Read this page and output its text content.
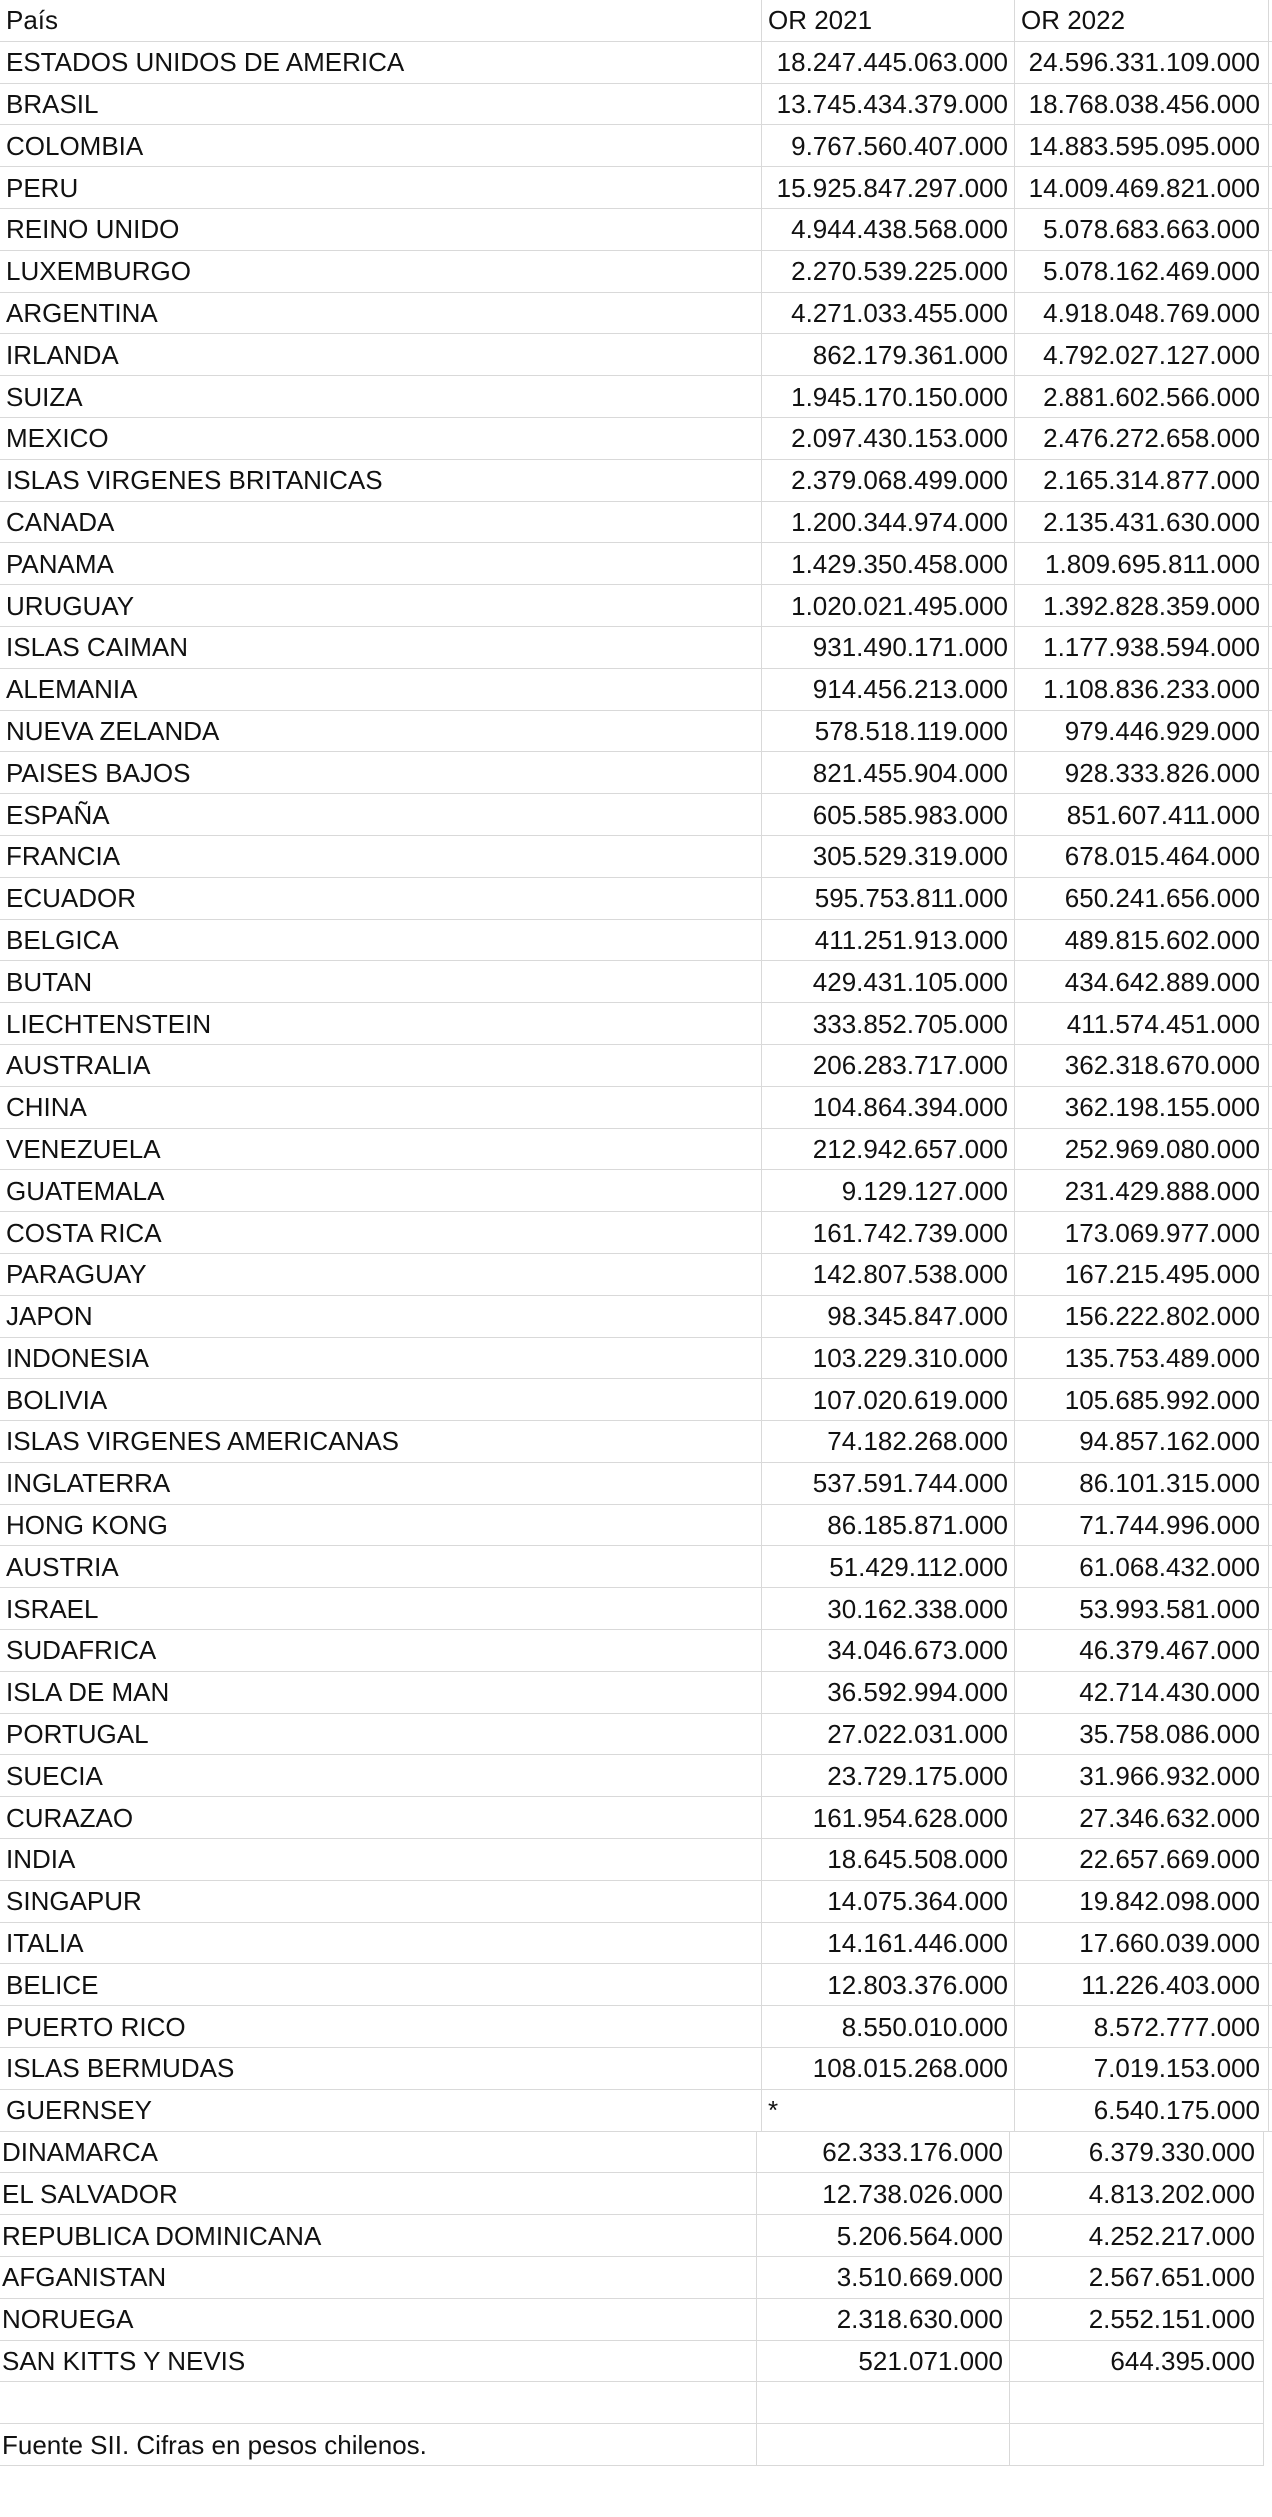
País	OR 2021	OR 2022
ESTADOS UNIDOS DE AMERICA	18.247.445.063.000 24.596.331.109.000
BRASIL	13.745.434.379.000 18.768.038.456.000
COLOMBIA	9.767.560.407.000 14.883.595.095.000
PERU	15.925.847.297.000 14.009.469.821.000
REINO UNIDO	4.944.438.568.000	5.078.683.663.000
LUXEMBURGO	2.270.539.225.000	5.078.162.469.000
ARGENTINA	4.271.033.455.000	4.918.048.769.000
IRLANDA	862.179.361.000	4.792.027.127.000
SUIZA	1.945.170.150.000	2.881.602.566.000
MEXICO	2.097.430.153.000	2.476.272.658.000
ISLAS VIRGENES BRITANICAS	2.379.068.499.000	2.165.314.877.000
CANADA	1.200.344.974.000	2.135.431.630.000
PANAMA	1.429.350.458.000	1.809.695.811.000
URUGUAY	1.020.021.495.000	1.392.828.359.000
ISLAS CAIMAN	931.490.171.000	1.177.938.594.000
ALEMANIA	914.456.213.000	1.108.836.233.000
NUEVA ZELANDA	578.518.119.000	979.446.929.000
PAISES BAJOS	821.455.904.000	928.333.826.000
ESPAÑA	605.585.983.000	851.607.411.000
FRANCIA	305.529.319.000	678.015.464.000
ECUADOR	595.753.811.000	650.241.656.000
BELGICA	411.251.913.000	489.815.602.000
BUTAN	429.431.105.000	434.642.889.000
LIECHTENSTEIN	333.852.705.000	411.574.451.000
AUSTRALIA	206.283.717.000	362.318.670.000
CHINA	104.864.394.000	362.198.155.000
VENEZUELA	212.942.657.000	252.969.080.000
GUATEMALA	9.129.127.000	231.429.888.000
COSTA RICA	161.742.739.000	173.069.977.000
PARAGUAY	142.807.538.000	167.215.495.000
JAPON	98.345.847.000	156.222.802.000
INDONESIA	103.229.310.000	135.753.489.000
BOLIVIA	107.020.619.000	105.685.992.000
ISLAS VIRGENES AMERICANAS	74.182.268.000	94.857.162.000
INGLATERRA	537.591.744.000	86.101.315.000
HONG KONG	86.185.871.000	71.744.996.000
AUSTRIA	51.429.112.000	61.068.432.000
ISRAEL	30.162.338.000	53.993.581.000
SUDAFRICA	34.046.673.000	46.379.467.000
ISLA DE MAN	36.592.994.000	42.714.430.000
PORTUGAL	27.022.031.000	35.758.086.000
SUECIA	23.729.175.000	31.966.932.000
CURAZAO	161.954.628.000	27.346.632.000
INDIA	18.645.508.000	22.657.669.000
SINGAPUR	14.075.364.000	19.842.098.000
ITALIA	14.161.446.000	17.660.039.000
BELICE	12.803.376.000	11.226.403.000
PUERTO RICO	8.550.010.000	8.572.777.000
ISLAS BERMUDAS	108.015.268.000	7.019.153.000
GUERNSEY	*	6.540.175.000
DINAMARCA	62.333.176.000	6.379.330.000
EL SALVADOR	12.738.026.000	4.813.202.000
REPUBLICA DOMINICANA	5.206.564.000	4.252.217.000
AFGANISTAN	3.510.669.000	2.567.651.000
NORUEGA	2.318.630.000	2.552.151.000
SAN KITTS Y NEVIS	521.071.000	644.395.000
Fuente SII. Cifras en pesos chilenos.
